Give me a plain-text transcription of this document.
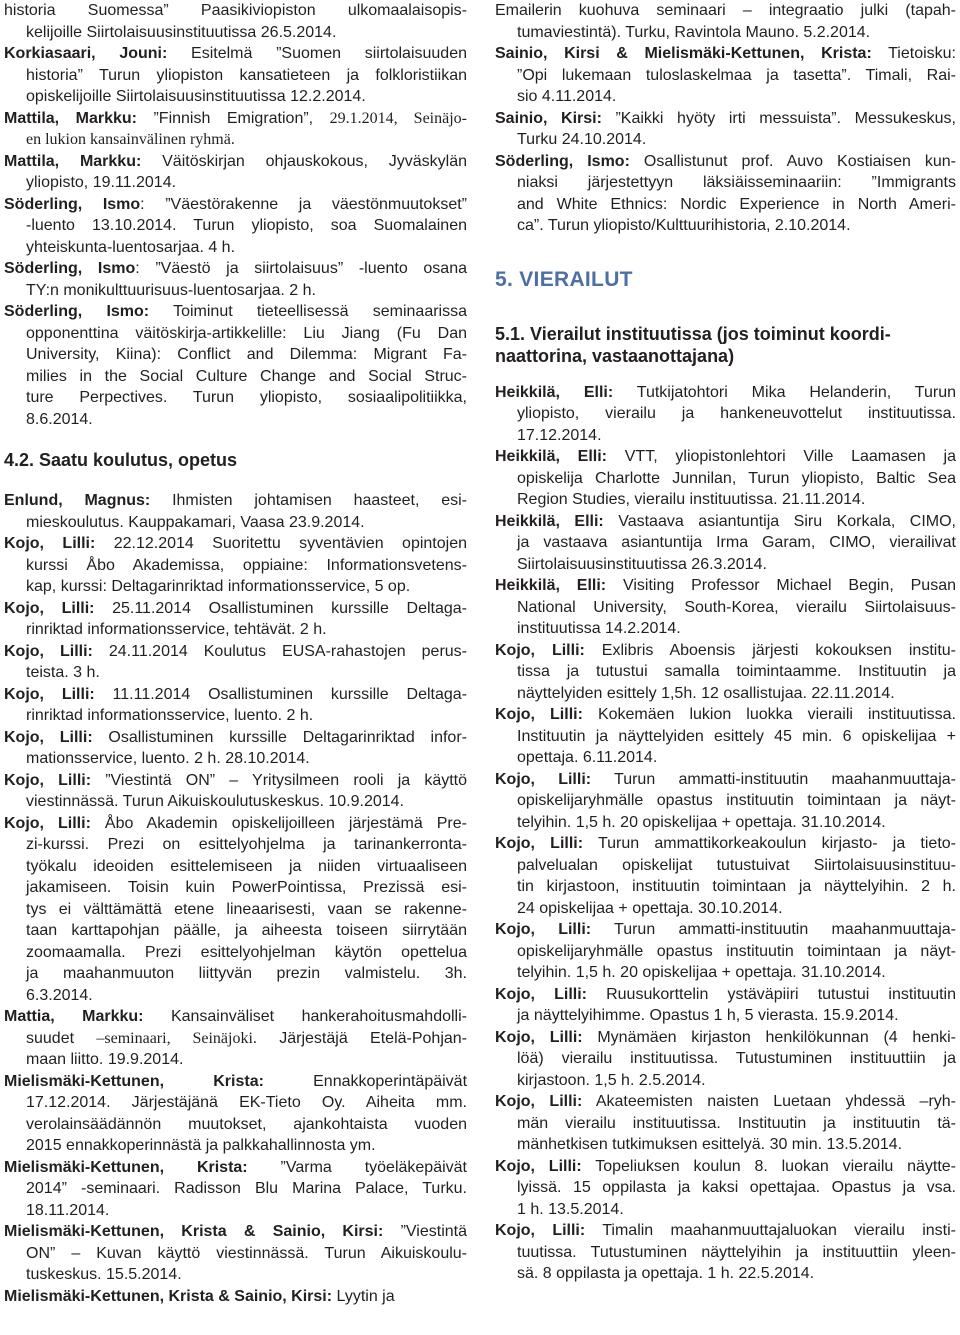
historia Suomessa” Paasikiviopiston ulkomaalaisopis-
kelijoille Siirtolaisuusinstituutissa 26.5.2014.
Korkiasaari, Jouni: Esitelmä ”Suomen siirtolaisuuden
historia” Turun yliopiston kansatieteen ja folkloristiikan
opiskelijoille Siirtolaisuusinstituutissa 12.2.2014.
Mattila, Markku: ”Finnish Emigration”, 29.1.2014, Seinäjo-
en lukion kansainvälinen ryhmä.
Mattila, Markku: Väitöskirjan ohjauskokous, Jyväskylän
yliopisto, 19.11.2014.
Söderling, Ismo: ”Väestörakenne ja väestönmuutokset”
-luento 13.10.2014. Turun yliopisto, soa Suomalainen
yhteiskunta-luentosarjaa. 4 h.
Söderling, Ismo: ”Väestö ja siirtolaisuus” -luento osana
TY:n monikulttuurisuus-luentosarjaa. 2 h.
Söderling, Ismo: Toiminut tieteellisessä seminaarissa
opponenttina väitöskirja-artikkelille: Liu Jiang (Fu Dan
University, Kiina): Conflict and Dilemma: Migrant Fa-
milies in the Social Culture Change and Social Struc-
ture Perpectives. Turun yliopisto, sosiaalipolitiikka,
8.6.2014.
4.2. Saatu koulutus, opetus
Enlund, Magnus: Ihmisten johtamisen haasteet, esi-
mieskoulutus. Kauppakamari, Vaasa 23.9.2014.
Kojo, Lilli: 22.12.2014 Suoritettu syventävien opintojen
kurssi Åbo Akademissa, oppiaine: Informationsvetens-
kap, kurssi: Deltagarinriktad informationsservice, 5 op.
Kojo, Lilli: 25.11.2014 Osallistuminen kurssille Deltaga-
rinriktad informationsservice, tehtävät. 2 h.
Kojo, Lilli: 24.11.2014 Koulutus EUSA-rahastojen perus-
teista. 3 h.
Kojo, Lilli: 11.11.2014 Osallistuminen kurssille Deltaga-
rinriktad informationsservice, luento. 2 h.
Kojo, Lilli: Osallistuminen kurssille Deltagarinriktad infor-
mationsservice, luento. 2 h. 28.10.2014.
Kojo, Lilli: ”Viestintä ON” – Yritysilmeen rooli ja käyttö
viestinnässä. Turun Aikuiskoulutuskeskus. 10.9.2014.
Kojo, Lilli: Åbo Akademin opiskelijoilleen järjestämä Pre-
zi-kurssi. Prezi on esittelyohjelma ja tarinankerronta-
työkalu ideoiden esittelemiseen ja niiden virtuaaliseen
jakamiseen. Toisin kuin PowerPointissa, Prezissä esi-
tys ei välttämättä etene lineaarisesti, vaan se rakenne-
taan karttapohjan päälle, ja aiheesta toiseen siirrytään
zoomaamalla. Prezi esittelyohjelman käytön opettelua
ja maahanmuuton liittyvän prezin valmistelu. 3h.
6.3.2014.
Mattia, Markku: Kansainväliset hankerahoitusmahdolli-
suudet –seminaari, Seinäjoki. Järjestäjä Etelä-Pohjan-
maan liitto. 19.9.2014.
Mielismäki-Kettunen, Krista: Ennakkoperintäpäivät
17.12.2014. Järjestäjänä EK-Tieto Oy. Aiheita mm.
verolainsäädännön muutokset, ajankohtaista vuoden
2015 ennakkoperinnästä ja palkkahallinnosta ym.
Mielismäki-Kettunen, Krista: ”Varma työeläkepäivät
2014” -seminaari. Radisson Blu Marina Palace, Turku.
18.11.2014.
Mielismäki-Kettunen, Krista & Sainio, Kirsi: ”Viestintä
ON” – Kuvan käyttö viestinnässä. Turun Aikuiskoulu-
tuskeskus. 15.5.2014.
Mielismäki-Kettunen, Krista & Sainio, Kirsi: Lyytin ja
Emailerin kuohuva seminaari – integraatio julki (tapah-
tumaviestintä). Turku, Ravintola Mauno. 5.2.2014.
Sainio, Kirsi & Mielismäki-Kettunen, Krista: Tietoisku:
”Opi lukemaan tuloslaskelmaa ja tasetta”. Timali, Rai-
sio 4.11.2014.
Sainio, Kirsi: ”Kaikki hyöty irti messuista”. Messukeskus,
Turku 24.10.2014.
Söderling, Ismo: Osallistunut prof. Auvo Kostiaisen kun-
niaksi järjestettyyn läksiäisseminaariin: ”Immigrants
and White Ethnics: Nordic Experience in North Ameri-
ca”. Turun yliopisto/Kulttuurihistoria, 2.10.2014.
5. VIERAILUT
5.1. Vierailut instituutissa (jos toiminut koordi-
naattorina, vastaanottajana)
Heikkilä, Elli: Tutkijatohtori Mika Helanderin, Turun
yliopisto, vierailu ja hankeneuvottelut instituutissa.
17.12.2014.
Heikkilä, Elli: VTT, yliopistonlehtori Ville Laamasen ja
opiskelija Charlotte Junnilan, Turun yliopisto, Baltic Sea
Region Studies, vierailu instituutissa. 21.11.2014.
Heikkilä, Elli: Vastaava asiantuntija Siru Korkala, CIMO,
ja vastaava asiantuntija Irma Garam, CIMO, vierailivat
Siirtolaisuusinstituutissa 26.3.2014.
Heikkilä, Elli: Visiting Professor Michael Begin, Pusan
National University, South-Korea, vierailu Siirtolaisuus-
instituutissa 14.2.2014.
Kojo, Lilli: Exlibris Aboensis järjesti kokouksen institu-
tissa ja tutustui samalla toimintaamme. Instituutin ja
näyttelyiden esittely 1,5h. 12 osallistujaa. 22.11.2014.
Kojo, Lilli: Kokemäen lukion luokka vieraili instituutissa.
Instituutin ja näyttelyiden esittely 45 min. 6 opiskelijaa +
opettaja. 6.11.2014.
Kojo, Lilli: Turun ammatti-instituutin maahanmuuttaja-
opiskelijaryhmälle opastus instituutin toimintaan ja näyt-
telyihin. 1,5 h. 20 opiskelijaa + opettaja. 31.10.2014.
Kojo, Lilli: Turun ammattikorkeakoulun kirjasto- ja tieto-
palvelualan opiskelijat tutustuivat Siirtolaisuusinstituu-
tin kirjastoon, instituutin toimintaan ja näyttelyihin. 2 h.
24 opiskelijaa + opettaja. 30.10.2014.
Kojo, Lilli: Turun ammatti-instituutin maahanmuuttaja-
opiskelijaryhmälle opastus instituutin toimintaan ja näyt-
telyihin. 1,5 h. 20 opiskelijaa + opettaja. 31.10.2014.
Kojo, Lilli: Ruusukorttelin ystäväpiiri tutustui instituutin
ja näyttelyihimme. Opastus 1 h, 5 vierasta. 15.9.2014.
Kojo, Lilli: Mynämäen kirjaston henkilökunnan (4 henki-
löä) vierailu instituutissa. Tutustuminen instituuttiin ja
kirjastoon. 1,5 h. 2.5.2014.
Kojo, Lilli: Akateemisten naisten Luetaan yhdessä –ryh-
män vierailu instituutissa. Instituutin ja instituutin tä-
mänhetkisen tutkimuksen esittelyä. 30 min. 13.5.2014.
Kojo, Lilli: Topeliuksen koulun 8. luokan vierailu näytte-
lyissä. 15 oppilasta ja kaksi opettajaa. Opastus ja vsa.
1 h. 13.5.2014.
Kojo, Lilli: Timalin maahanmuuttajaluokan vierailu insti-
tuutissa. Tutustuminen näyttelyihin ja instituuttiin yleen-
sä. 8 oppilasta ja opettaja. 1 h. 22.5.2014.
